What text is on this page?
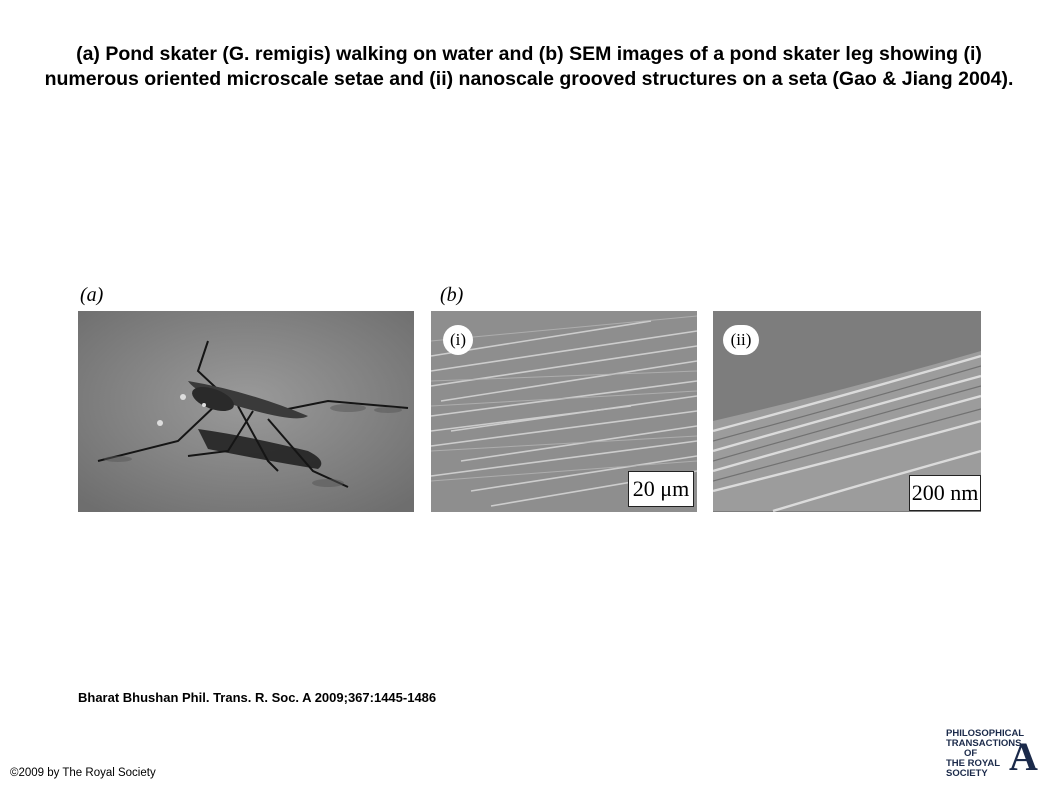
(a) Pond skater (G. remigis) walking on water and (b) SEM images of a pond skater leg showing (i) numerous oriented microscale setae and (ii) nanoscale grooved structures on a seta (Gao & Jiang 2004).
(a)	(b)
(i)
20 μm
(ii)
200 nm
Bharat Bhushan Phil. Trans. R. Soc. A 2009;367:1445-1486
©2009 by The Royal Society
PHILOSOPHICAL
TRANSACTIONS
OF
THE ROYAL
SOCIETY A
